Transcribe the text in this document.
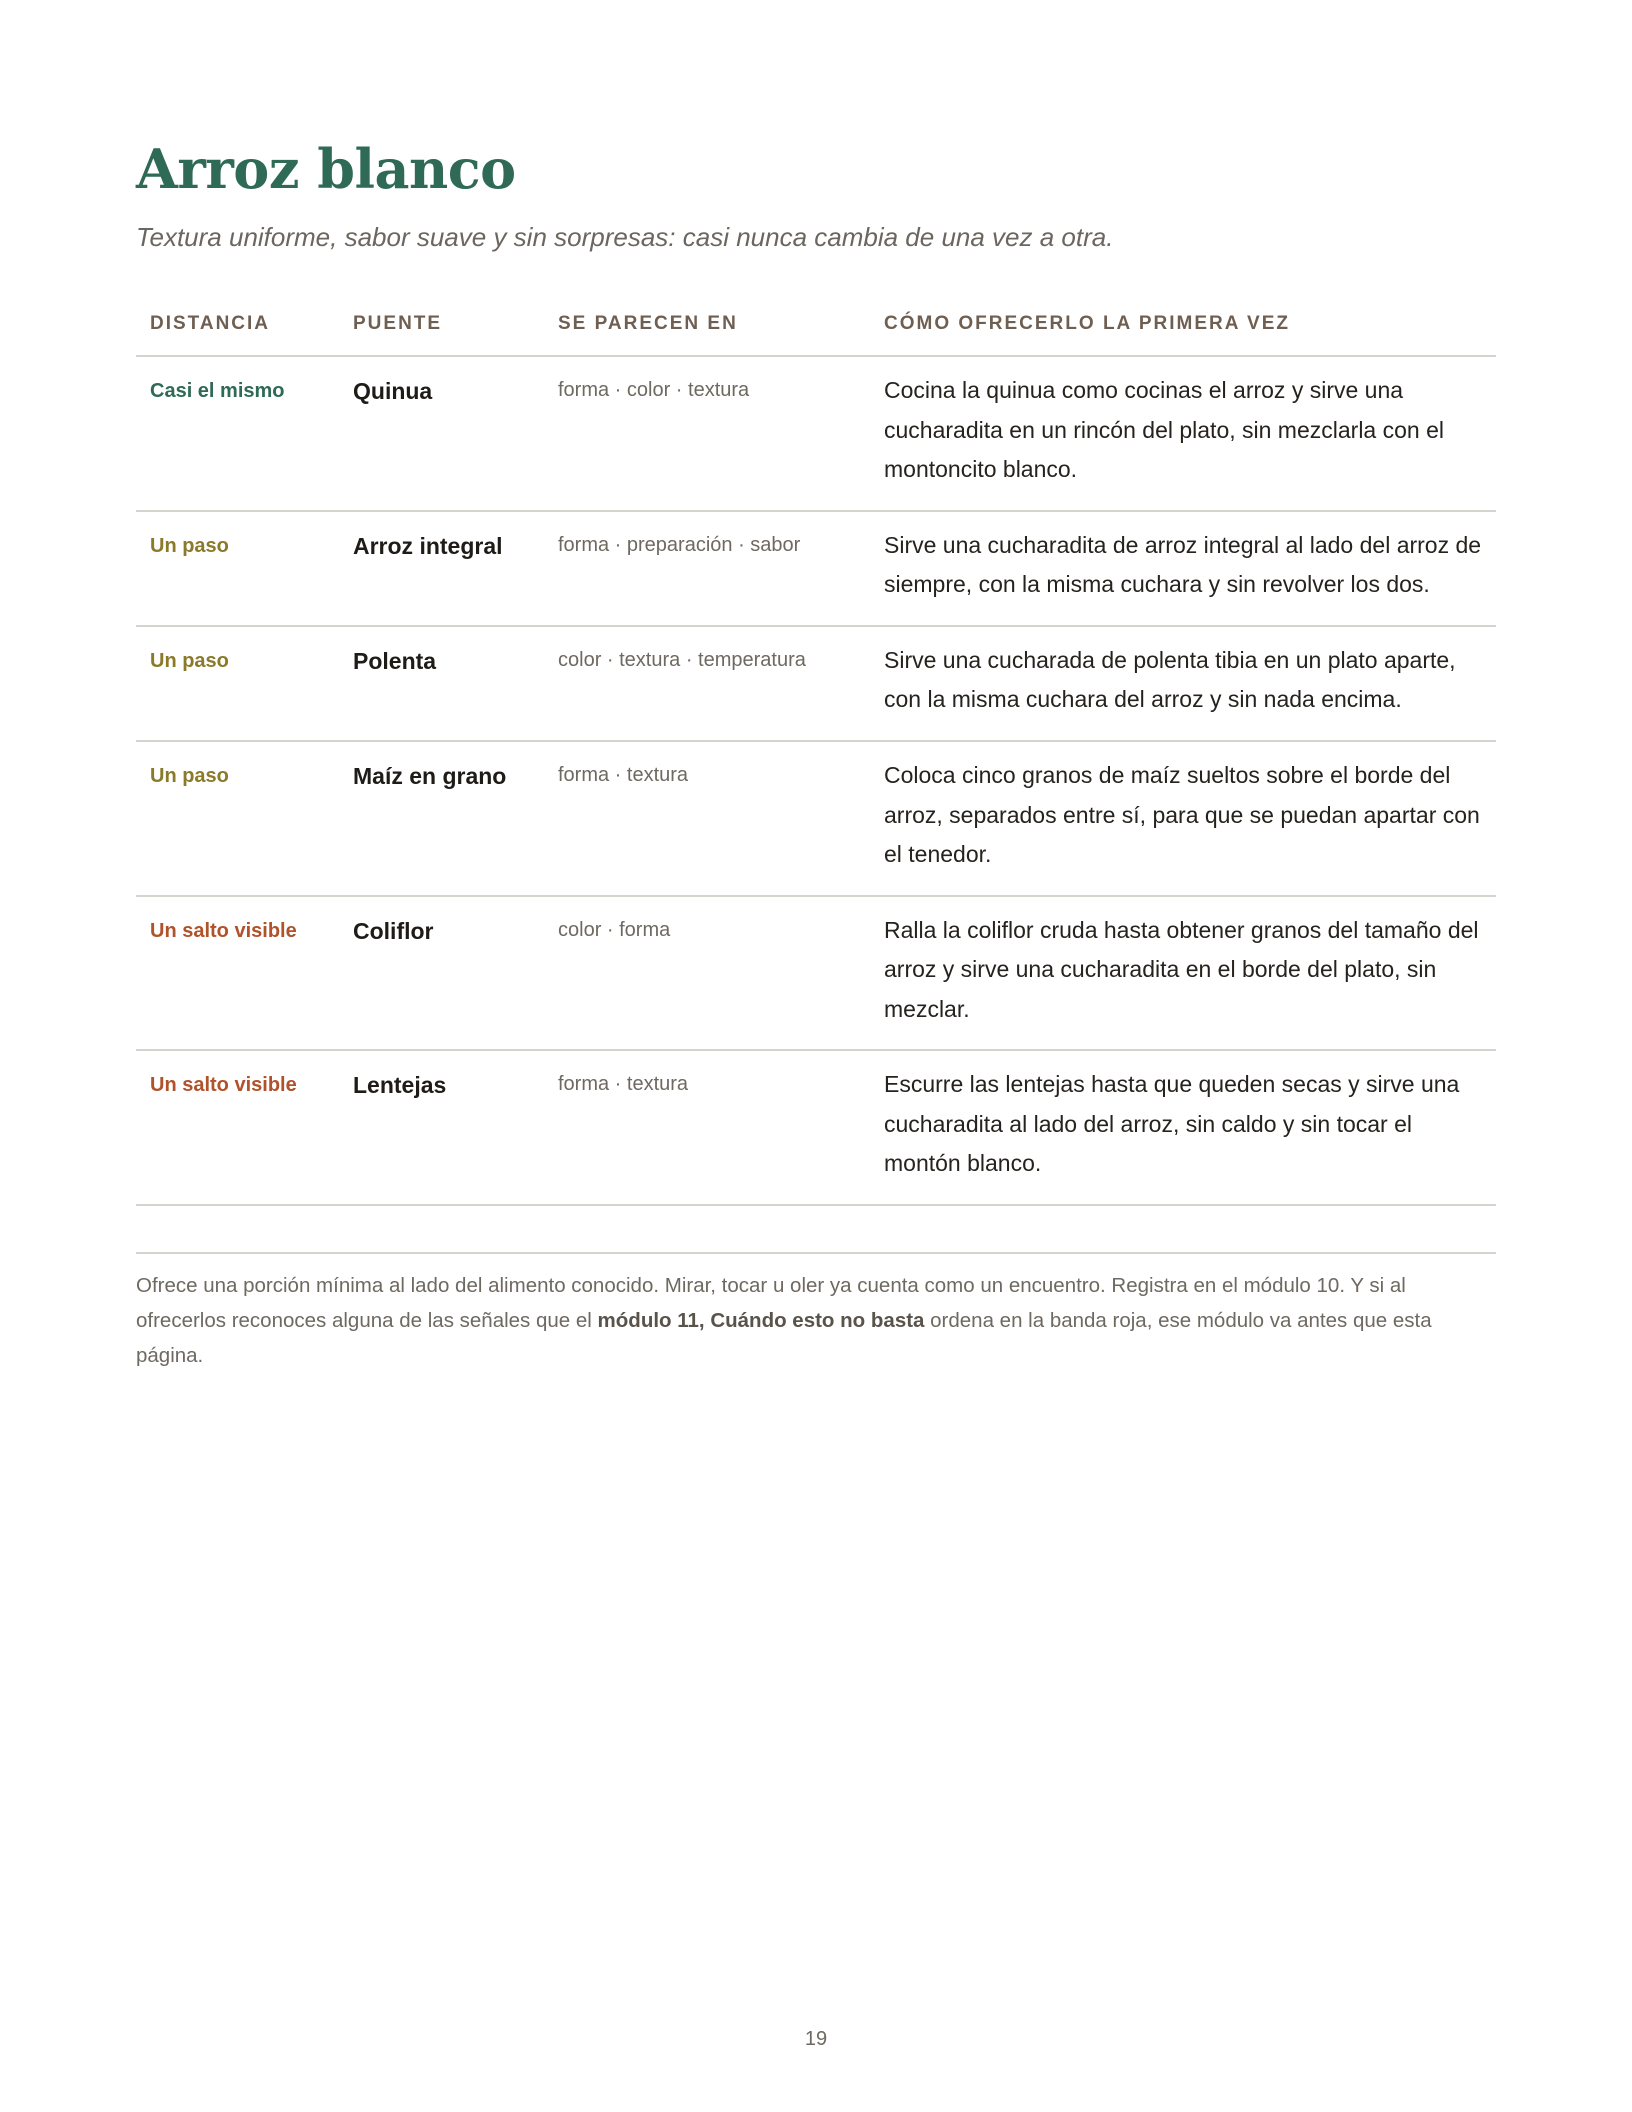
Arroz blanco

Textura uniforme, sabor suave y sin sorpresas: casi nunca cambia de una vez a otra.

DISTANCIA	PUENTE	SE PARECEN EN	CÓMO OFRECERLO LA PRIMERA VEZ

Casi el mismo	Quinua	forma · color · textura	Cocina la quinua como cocinas el arroz y sirve una cucharadita en un rincón del plato, sin mezclarla con el montoncito blanco.

Un paso	Arroz integral	forma · preparación · sabor	Sirve una cucharadita de arroz integral al lado del arroz de siempre, con la misma cuchara y sin revolver los dos.

Un paso	Polenta	color · textura · temperatura	Sirve una cucharada de polenta tibia en un plato aparte, con la misma cuchara del arroz y sin nada encima.

Un paso	Maíz en grano	forma · textura	Coloca cinco granos de maíz sueltos sobre el borde del arroz, separados entre sí, para que se puedan apartar con el tenedor.

Un salto visible	Coliflor	color · forma	Ralla la coliflor cruda hasta obtener granos del tamaño del arroz y sirve una cucharadita en el borde del plato, sin mezclar.

Un salto visible	Lentejas	forma · textura	Escurre las lentejas hasta que queden secas y sirve una cucharadita al lado del arroz, sin caldo y sin tocar el montón blanco.

Ofrece una porción mínima al lado del alimento conocido. Mirar, tocar u oler ya cuenta como un encuentro. Registra en el módulo 10. Y si al ofrecerlos reconoces alguna de las señales que el módulo 11, Cuándo esto no basta ordena en la banda roja, ese módulo va antes que esta página.

19
